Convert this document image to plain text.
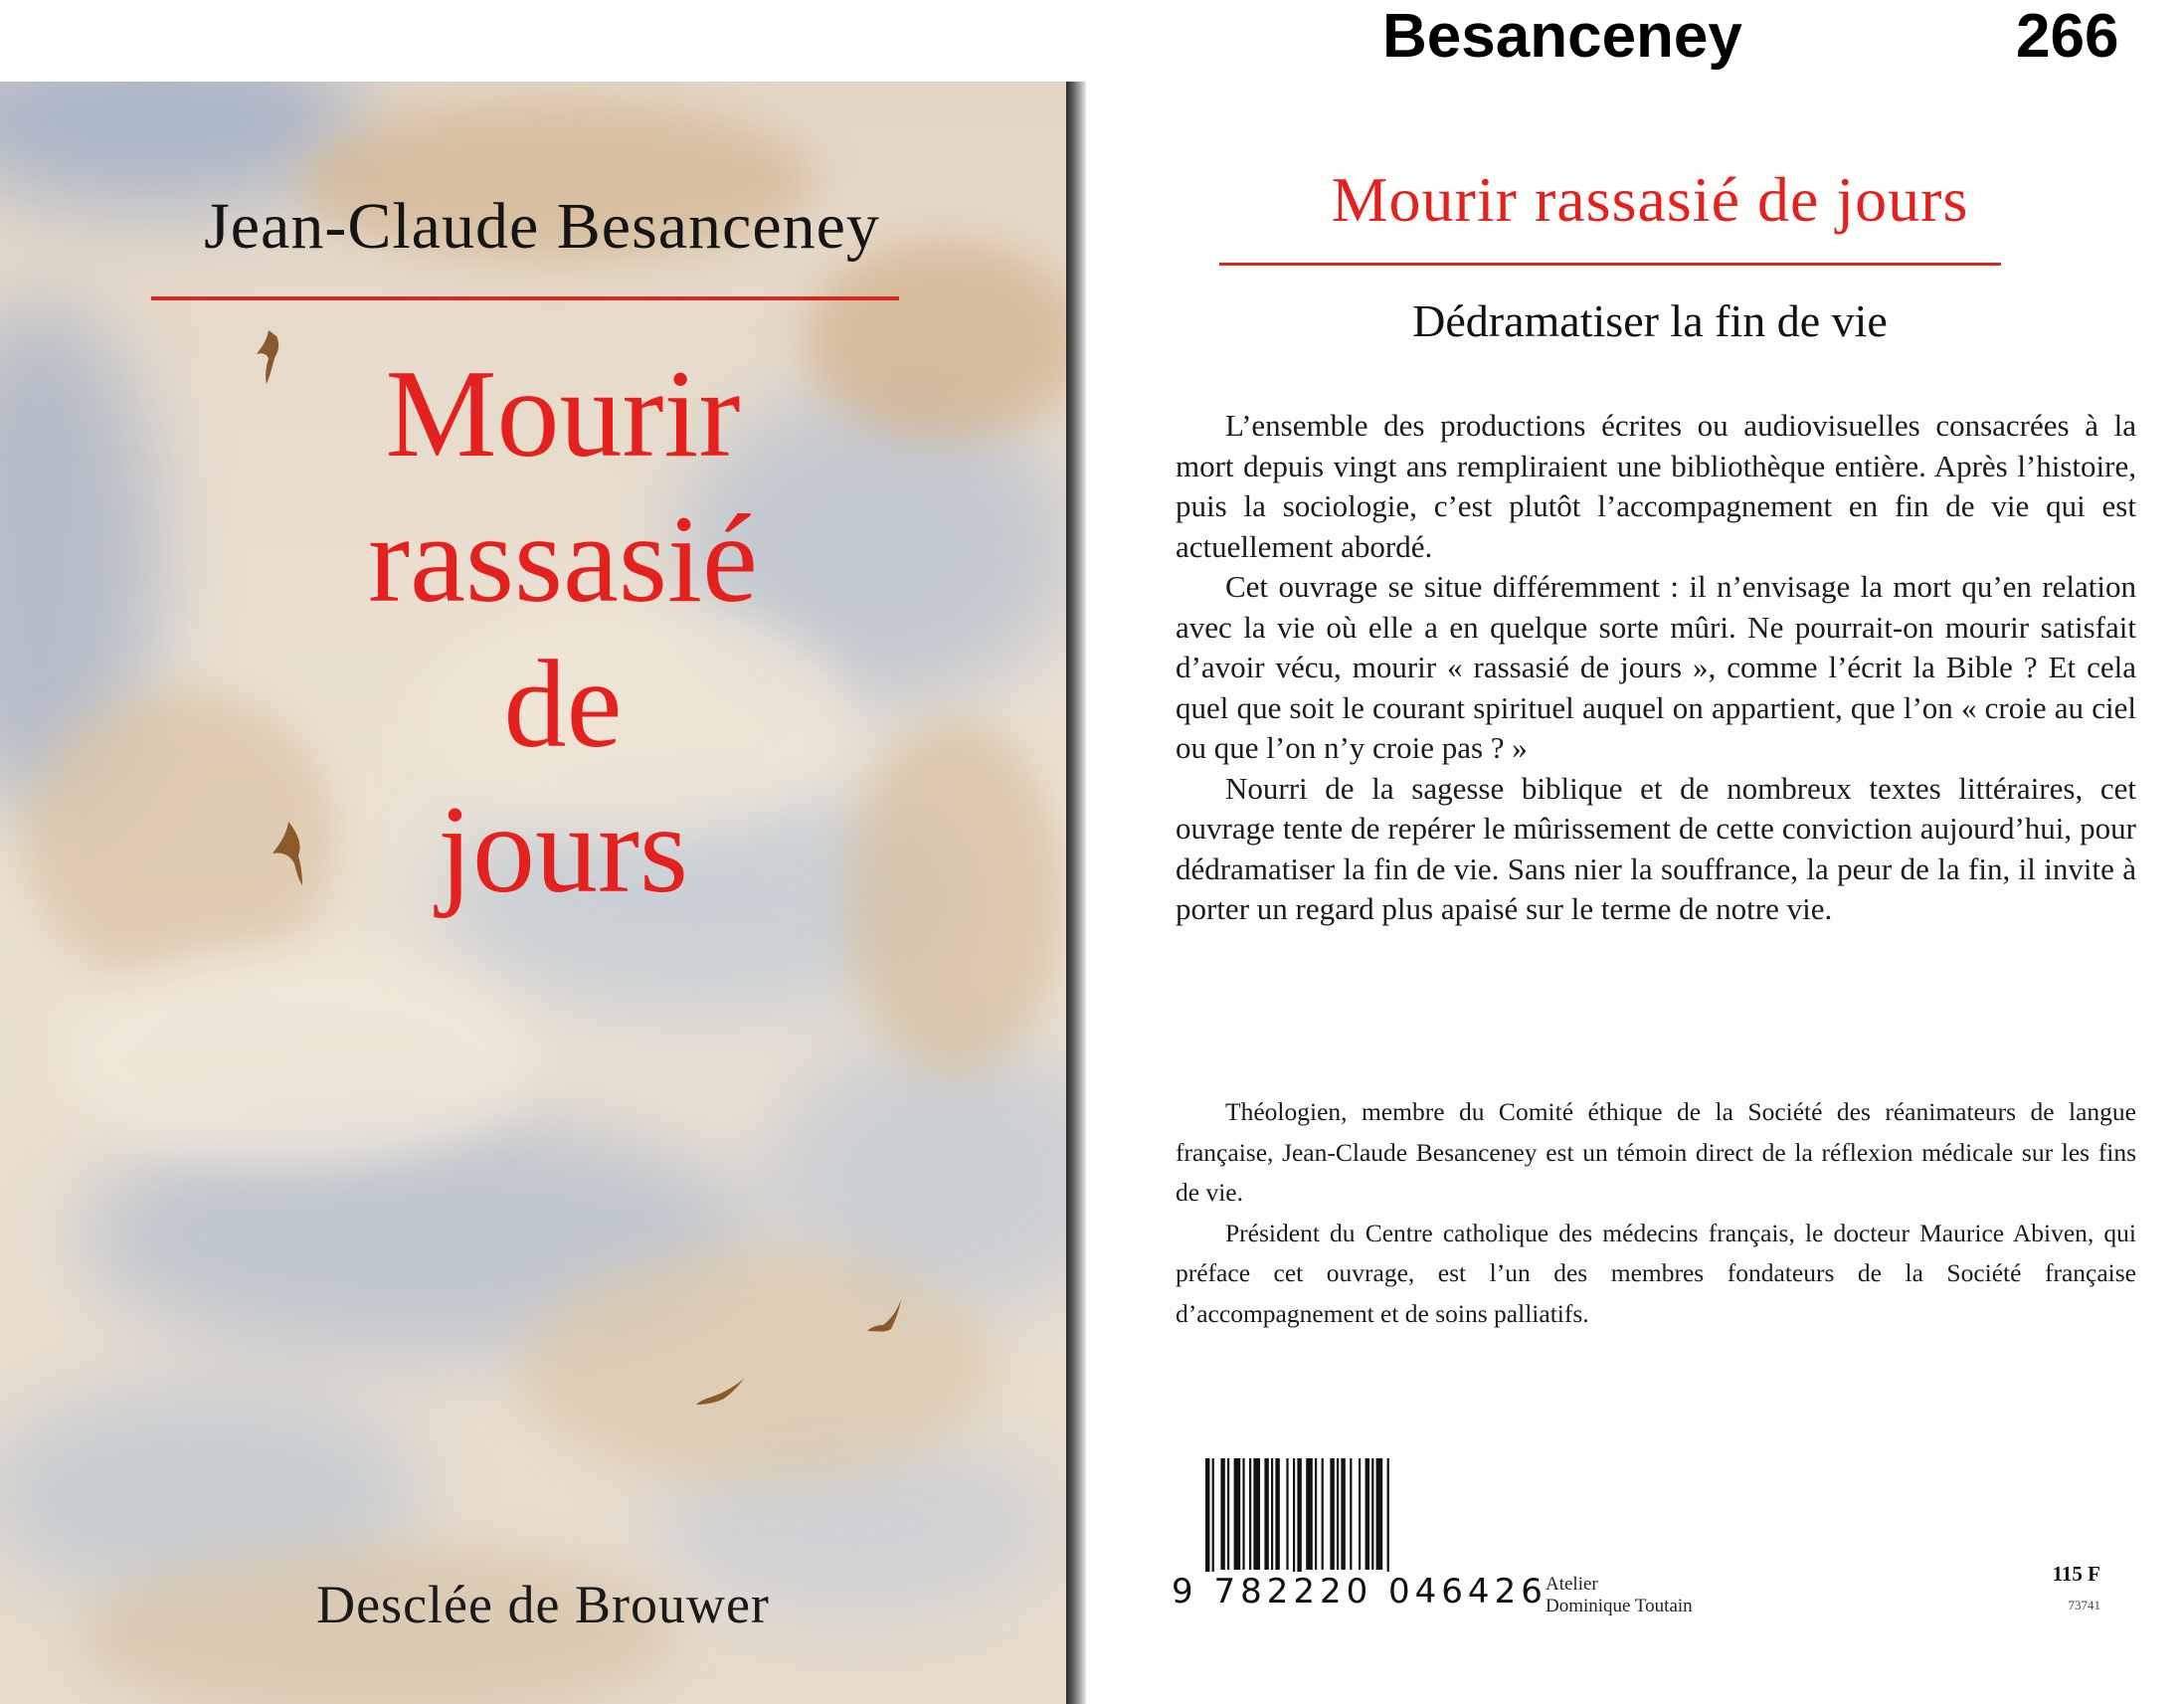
Besanceney	266
Jean-Claude Besanceney
Mourir
rassasié
de
jours
Desclée de Brouwer
Mourir rassasié de jours
Dédramatiser la fin de vie

L’ensemble des productions écrites ou audiovisuelles consacrées à la mort depuis vingt ans rempliraient une bibliothèque entière. Après l’histoire, puis la sociologie, c’est plutôt l’accompagnement en fin de vie qui est actuellement abordé.

Cet ouvrage se situe différemment : il n’envisage la mort qu’en relation avec la vie où elle a en quelque sorte mûri. Ne pourrait-on mourir satisfait d’avoir vécu, mourir « rassasié de jours », comme l’écrit la Bible ? Et cela quel que soit le courant spirituel auquel on appartient, que l’on « croie au ciel ou que l’on n’y croie pas ? »

Nourri de la sagesse biblique et de nombreux textes littéraires, cet ouvrage tente de repérer le mûrissement de cette conviction aujourd’hui, pour dédramatiser la fin de vie. Sans nier la souffrance, la peur de la fin, il invite à porter un regard plus apaisé sur le terme de notre vie.

Théologien, membre du Comité éthique de la Société des réanimateurs de langue française, Jean-Claude Besanceney est un témoin direct de la réflexion médicale sur les fins de vie.

Président du Centre catholique des médecins français, le docteur Maurice Abiven, qui préface cet ouvrage, est l’un des membres fondateurs de la Société française d’accompagnement et de soins palliatifs.

9 782220 046426
Atelier
Dominique Toutain
115 F
73741
